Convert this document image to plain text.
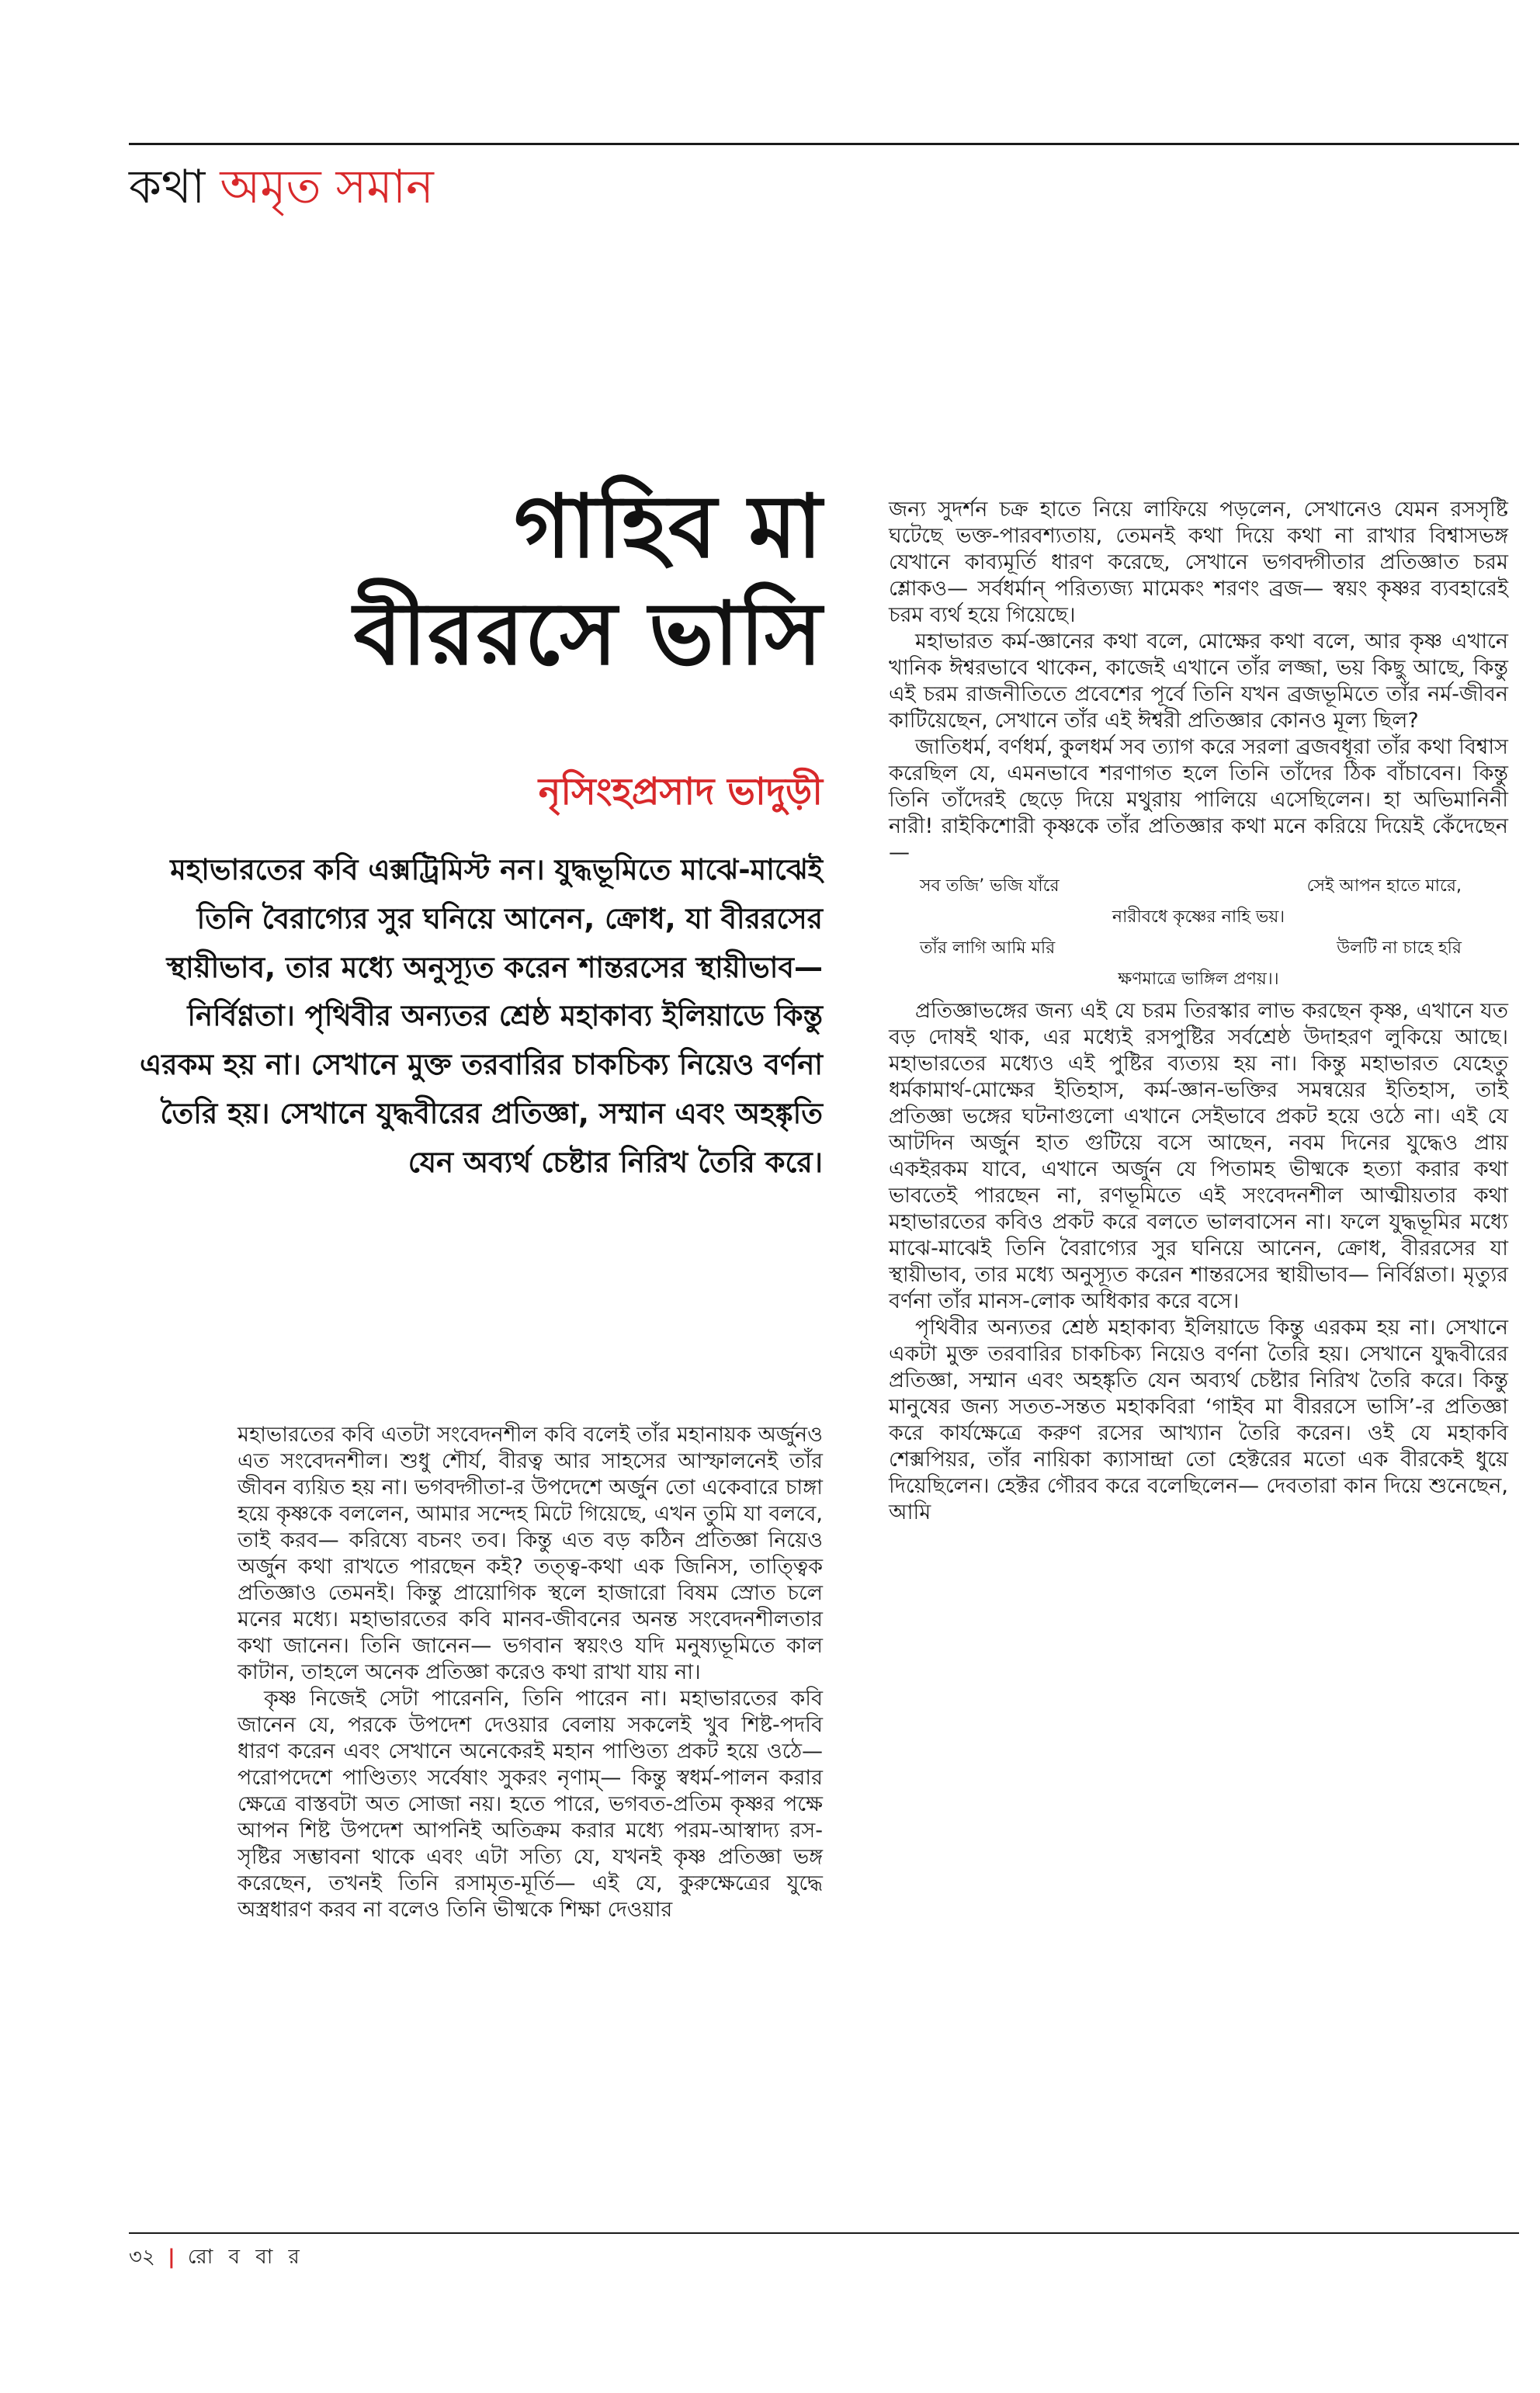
কথা অমৃত সমান
গাহিব মা
বীররসে ভাসি
নৃসিংহপ্রসাদ ভাদুড়ী

মহাভারতের কবি এক্সট্রিমিস্ট নন। যুদ্ধভূমিতে মাঝে-মাঝেই তিনি বৈরাগ্যের সুর ঘনিয়ে আনেন, ক্রোধ, যা বীররসের স্থায়ীভাব, তার মধ্যে অনুস্যূত করেন শান্তরসের স্থায়ীভাব— নির্বিণ্ণতা। পৃথিবীর অন্যতর শ্রেষ্ঠ মহাকাব্য ইলিয়াডে কিন্তু এরকম হয় না। সেখানে মুক্ত তরবারির চাকচিক্য নিয়েও বর্ণনা তৈরি হয়। সেখানে যুদ্ধবীরের প্রতিজ্ঞা, সম্মান এবং অহঙ্কৃতি যেন অব্যর্থ চেষ্টার নিরিখ তৈরি করে।

মহাভারতের কবি এতটা সংবেদনশীল কবি বলেই তাঁর মহানায়ক অর্জুনও এত সংবেদনশীল। শুধু শৌর্য, বীরত্ব আর সাহসের আস্ফালনেই তাঁর জীবন ব্যয়িত হয় না। ভগবদ্গীতা-র উপদেশে অর্জুন তো একেবারে চাঙ্গা হয়ে কৃষ্ণকে বললেন, আমার সন্দেহ মিটে গিয়েছে, এখন তুমি যা বলবে, তাই করব— করিষ্যে বচনং তব। কিন্তু এত বড় কঠিন প্রতিজ্ঞা নিয়েও অর্জুন কথা রাখতে পারছেন কই? তত্ত্ব-কথা এক জিনিস, তাত্ত্বিক প্রতিজ্ঞাও তেমনই। কিন্তু প্রায়োগিক স্থলে হাজারো বিষম স্রোত চলে মনের মধ্যে। মহাভারতের কবি মানব-জীবনের অনন্ত সংবেদনশীলতার কথা জানেন। তিনি জানেন— ভগবান স্বয়ংও যদি মনুষ্যভূমিতে কাল কাটান, তাহলে অনেক প্রতিজ্ঞা করেও কথা রাখা যায় না।

কৃষ্ণ নিজেই সেটা পারেননি, তিনি পারেন না। মহাভারতের কবি জানেন যে, পরকে উপদেশ দেওয়ার বেলায় সকলেই খুব শিষ্ট-পদবি ধারণ করেন এবং সেখানে অনেকেরই মহান পাণ্ডিত্য প্রকট হয়ে ওঠে— পরোপদেশে পাণ্ডিত্যং সর্বেষাং সুকরং নৃণাম্— কিন্তু স্বধর্ম-পালন করার ক্ষেত্রে বাস্তবটা অত সোজা নয়। হতে পারে, ভগবত-প্রতিম কৃষ্ণর পক্ষে আপন শিষ্ট উপদেশ আপনিই অতিক্রম করার মধ্যে পরম-আস্বাদ্য রস-সৃষ্টির সম্ভাবনা থাকে এবং এটা সত্যি যে, যখনই কৃষ্ণ প্রতিজ্ঞা ভঙ্গ করেছেন, তখনই তিনি রসামৃত-মূর্তি— এই যে, কুরুক্ষেত্রের যুদ্ধে অস্ত্রধারণ করব না বলেও তিনি ভীষ্মকে শিক্ষা দেওয়ার

জন্য সুদর্শন চক্র হাতে নিয়ে লাফিয়ে পড়লেন, সেখানেও যেমন রসসৃষ্টি ঘটেছে ভক্ত-পারবশ্যতায়, তেমনই কথা দিয়ে কথা না রাখার বিশ্বাসভঙ্গ যেখানে কাব্যমূর্তি ধারণ করেছে, সেখানে ভগবদ্গীতার প্রতিজ্ঞাত চরম শ্লোকও— সর্বধর্মান্ পরিত্যজ্য মামেকং শরণং ব্রজ— স্বয়ং কৃষ্ণর ব্যবহারেই চরম ব্যর্থ হয়ে গিয়েছে।

মহাভারত কর্ম-জ্ঞানের কথা বলে, মোক্ষের কথা বলে, আর কৃষ্ণ এখানে খানিক ঈশ্বরভাবে থাকেন, কাজেই এখানে তাঁর লজ্জা, ভয় কিছু আছে, কিন্তু এই চরম রাজনীতিতে প্রবেশের পূর্বে তিনি যখন ব্রজভূমিতে তাঁর নর্ম-জীবন কাটিয়েছেন, সেখানে তাঁর এই ঈশ্বরী প্রতিজ্ঞার কোনও মূল্য ছিল?

জাতিধর্ম, বর্ণধর্ম, কুলধর্ম সব ত্যাগ করে সরলা ব্রজবধূরা তাঁর কথা বিশ্বাস করেছিল যে, এমনভাবে শরণাগত হলে তিনি তাঁদের ঠিক বাঁচাবেন। কিন্তু তিনি তাঁদেরই ছেড়ে দিয়ে মথুরায় পালিয়ে এসেছিলেন। হা অভিমানিনী নারী! রাইকিশোরী কৃষ্ণকে তাঁর প্রতিজ্ঞার কথা মনে করিয়ে দিয়েই কেঁদেছেন—

সব তজি’ ভজি যাঁরে	সেই আপন হাতে মারে,
নারীবধে কৃষ্ণের নাহি ভয়।
তাঁর লাগি আমি মরি	উলটি না চাহে হরি
ক্ষণমাত্রে ভাঙ্গিল প্রণয়।।

প্রতিজ্ঞাভঙ্গের জন্য এই যে চরম তিরস্কার লাভ করছেন কৃষ্ণ, এখানে যত বড় দোষই থাক, এর মধ্যেই রসপুষ্টির সর্বশ্রেষ্ঠ উদাহরণ লুকিয়ে আছে। মহাভারতের মধ্যেও এই পুষ্টির ব্যত্যয় হয় না। কিন্তু মহাভারত যেহেতু ধর্মকামার্থ-মোক্ষের ইতিহাস, কর্ম-জ্ঞান-ভক্তির সমন্বয়ের ইতিহাস, তাই প্রতিজ্ঞা ভঙ্গের ঘটনাগুলো এখানে সেইভাবে প্রকট হয়ে ওঠে না। এই যে আটদিন অর্জুন হাত গুটিয়ে বসে আছেন, নবম দিনের যুদ্ধেও প্রায় একইরকম যাবে, এখানে অর্জুন যে পিতামহ ভীষ্মকে হত্যা করার কথা ভাবতেই পারছেন না, রণভূমিতে এই সংবেদনশীল আত্মীয়তার কথা মহাভারতের কবিও প্রকট করে বলতে ভালবাসেন না। ফলে যুদ্ধভূমির মধ্যে মাঝে-মাঝেই তিনি বৈরাগ্যের সুর ঘনিয়ে আনেন, ক্রোধ, বীররসের যা স্থায়ীভাব, তার মধ্যে অনুস্যূত করেন শান্তরসের স্থায়ীভাব— নির্বিণ্ণতা। মৃত্যুর বর্ণনা তাঁর মানস-লোক অধিকার করে বসে।

পৃথিবীর অন্যতর শ্রেষ্ঠ মহাকাব্য ইলিয়াডে কিন্তু এরকম হয় না। সেখানে একটা মুক্ত তরবারির চাকচিক্য নিয়েও বর্ণনা তৈরি হয়। সেখানে যুদ্ধবীরের প্রতিজ্ঞা, সম্মান এবং অহঙ্কৃতি যেন অব্যর্থ চেষ্টার নিরিখ তৈরি করে। কিন্তু মানুষের জন্য সতত-সন্তত মহাকবিরা ‘গাইব মা বীররসে ভাসি’-র প্রতিজ্ঞা করে কার্যক্ষেত্রে করুণ রসের আখ্যান তৈরি করেন। ওই যে মহাকবি শেক্সপিয়র, তাঁর নায়িকা ক্যাসান্দ্রা তো হেক্টরের মতো এক বীরকেই ধুয়ে দিয়েছিলেন। হেক্টর গৌরব করে বলেছিলেন— দেবতারা কান দিয়ে শুনেছেন, আমি

৩২ | রো ব বা র
